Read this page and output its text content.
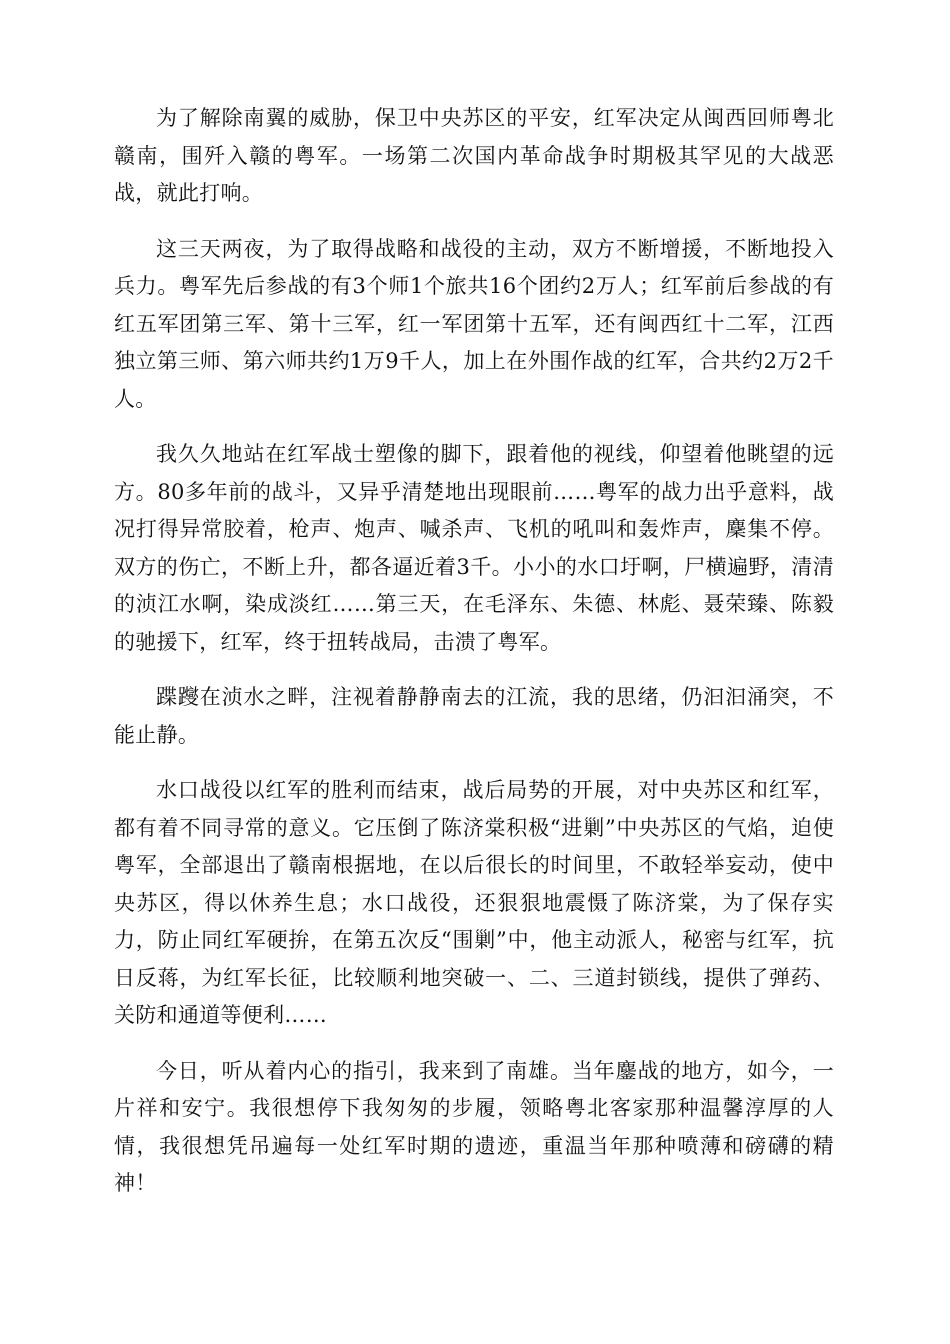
为了解除南翼的威胁，保卫中央苏区的平安，红军决定从闽西回师粤北赣南，围歼入赣的粤军。一场第二次国内革命战争时期极其罕见的大战恶战，就此打响。

这三天两夜，为了取得战略和战役的主动，双方不断增援，不断地投入兵力。粤军先后参战的有3个师1个旅共16个团约2万人；红军前后参战的有红五军团第三军、第十三军，红一军团第十五军，还有闽西红十二军，江西独立第三师、第六师共约1万9千人，加上在外围作战的红军，合共约2万2千人。

我久久地站在红军战士塑像的脚下，跟着他的视线，仰望着他眺望的远方。80多年前的战斗，又异乎清楚地出现眼前……粤军的战力出乎意料，战况打得异常胶着，枪声、炮声、喊杀声、飞机的吼叫和轰炸声，麇集不停。双方的伤亡，不断上升，都各逼近着3千。小小的水口圩啊，尸横遍野，清清的浈江水啊，染成淡红……第三天，在毛泽东、朱德、林彪、聂荣臻、陈毅的驰援下，红军，终于扭转战局，击溃了粤军。

蹀躞在浈水之畔，注视着静静南去的江流，我的思绪，仍汩汩涌突，不能止静。

水口战役以红军的胜利而结束，战后局势的开展，对中央苏区和红军，都有着不同寻常的意义。它压倒了陈济棠积极“进剿”中央苏区的气焰，迫使粤军，全部退出了赣南根据地，在以后很长的时间里，不敢轻举妄动，使中央苏区，得以休养生息；水口战役，还狠狠地震慑了陈济棠，为了保存实力，防止同红军硬拚，在第五次反“围剿”中，他主动派人，秘密与红军，抗日反蒋，为红军长征，比较顺利地突破一、二、三道封锁线，提供了弹药、关防和通道等便利……

今日，听从着内心的指引，我来到了南雄。当年鏖战的地方，如今，一片祥和安宁。我很想停下我匆匆的步履，领略粤北客家那种温馨淳厚的人情，我很想凭吊遍每一处红军时期的遗迹，重温当年那种喷薄和磅礴的精神！
